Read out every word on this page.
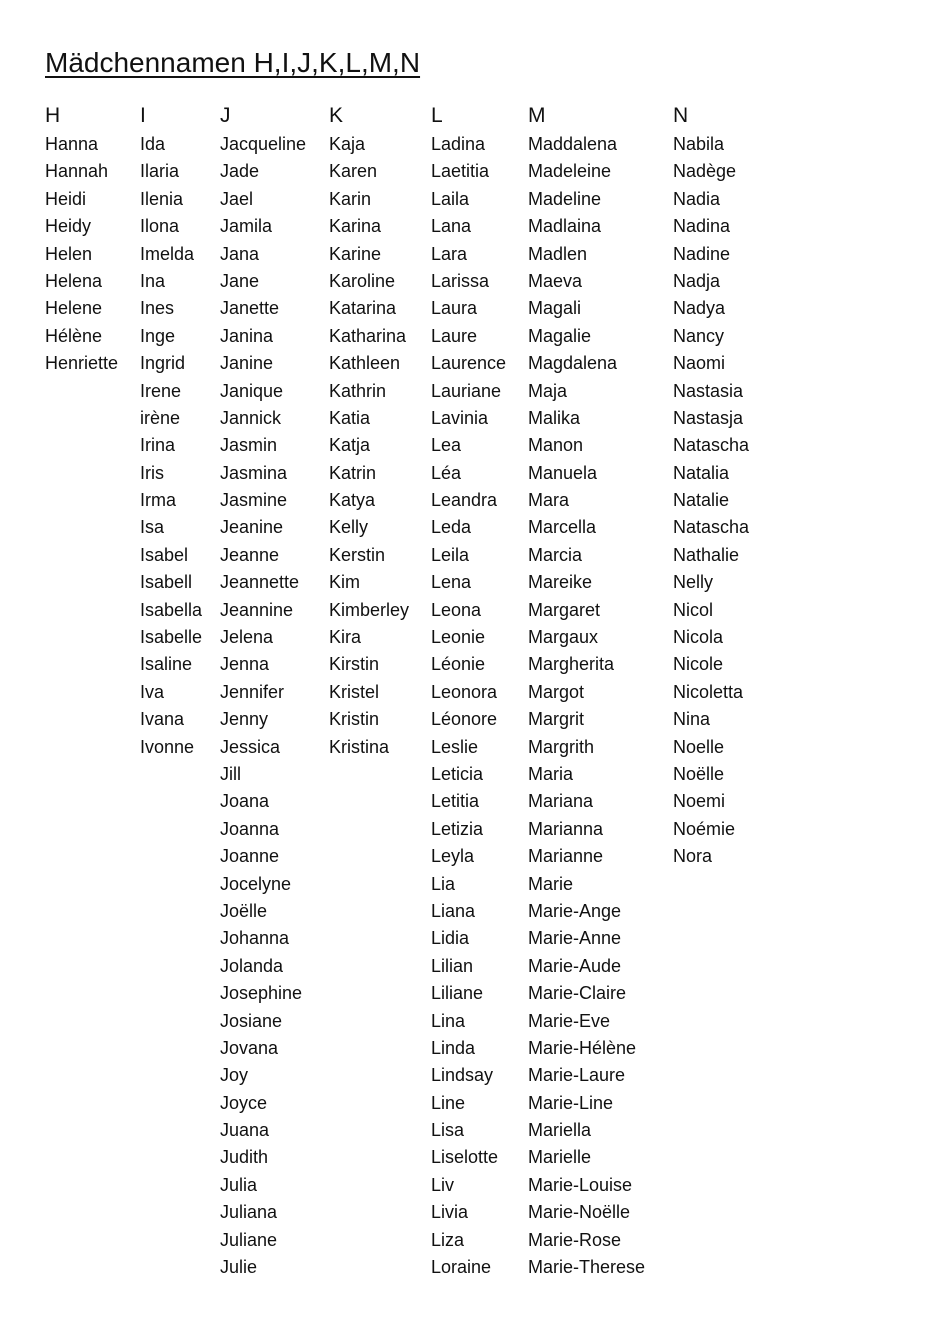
Mädchennamen H,I,J,K,L,M,N
H
Hanna
Hannah
Heidi
Heidy
Helen
Helena
Helene
Hélène
Henriette
I
Ida
Ilaria
Ilenia
Ilona
Imelda
Ina
Ines
Inge
Ingrid
Irene
irène
Irina
Iris
Irma
Isa
Isabel
Isabell
Isabella
Isabelle
Isaline
Iva
Ivana
Ivonne
J
Jacqueline
Jade
Jael
Jamila
Jana
Jane
Janette
Janina
Janine
Janique
Jannick
Jasmin
Jasmina
Jasmine
Jeanine
Jeanne
Jeannette
Jeannine
Jelena
Jenna
Jennifer
Jenny
Jessica
Jill
Joana
Joanna
Joanne
Jocelyne
Joëlle
Johanna
Jolanda
Josephine
Josiane
Jovana
Joy
Joyce
Juana
Judith
Julia
Juliana
Juliane
Julie
K
Kaja
Karen
Karin
Karina
Karine
Karoline
Katarina
Katharina
Kathleen
Kathrin
Katia
Katja
Katrin
Katya
Kelly
Kerstin
Kim
Kimberley
Kira
Kirstin
Kristel
Kristin
Kristina
L
Ladina
Laetitia
Laila
Lana
Lara
Larissa
Laura
Laure
Laurence
Lauriane
Lavinia
Lea
Léa
Leandra
Leda
Leila
Lena
Leona
Leonie
Léonie
Leonora
Léonore
Leslie
Leticia
Letitia
Letizia
Leyla
Lia
Liana
Lidia
Lilian
Liliane
Lina
Linda
Lindsay
Line
Lisa
Liselotte
Liv
Livia
Liza
Loraine
M
Maddalena
Madeleine
Madeline
Madlaina
Madlen
Maeva
Magali
Magalie
Magdalena
Maja
Malika
Manon
Manuela
Mara
Marcella
Marcia
Mareike
Margaret
Margaux
Margherita
Margot
Margrit
Margrith
Maria
Mariana
Marianna
Marianne
Marie
Marie-Ange
Marie-Anne
Marie-Aude
Marie-Claire
Marie-Eve
Marie-Hélène
Marie-Laure
Marie-Line
Mariella
Marielle
Marie-Louise
Marie-Noëlle
Marie-Rose
Marie-Therese
N
Nabila
Nadège
Nadia
Nadina
Nadine
Nadja
Nadya
Nancy
Naomi
Nastasia
Nastasja
Natascha
Natalia
Natalie
Natascha
Nathalie
Nelly
Nicol
Nicola
Nicole
Nicoletta
Nina
Noelle
Noëlle
Noemi
Noémie
Nora
